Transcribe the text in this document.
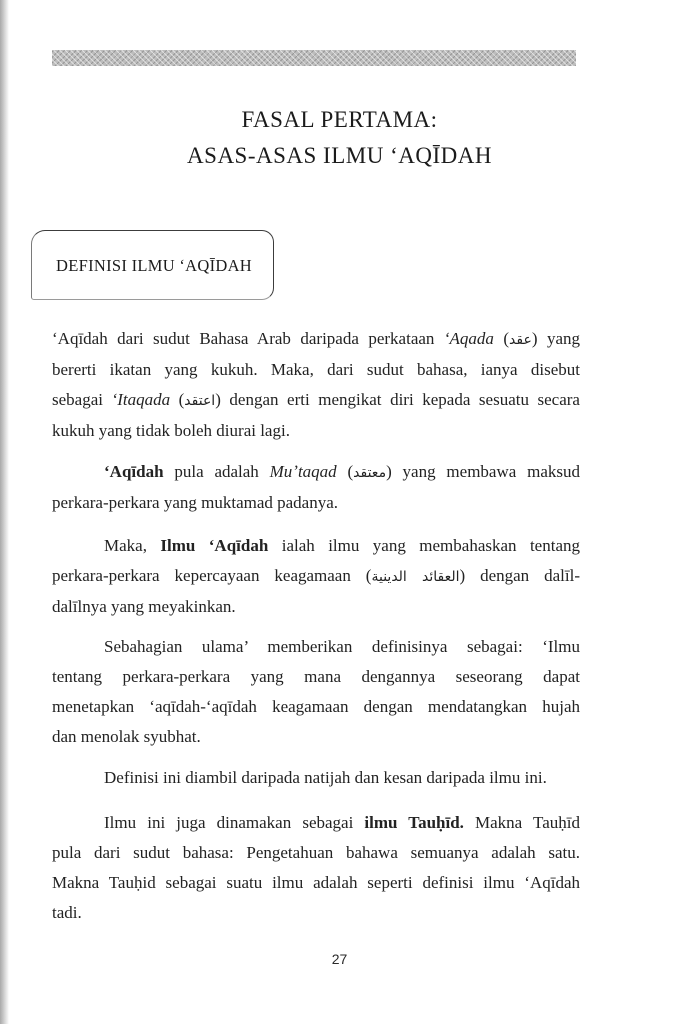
FASAL PERTAMA:
ASAS-ASAS ILMU ʻAQĪDAH
DEFINISI ILMU ʻAQĪDAH
ʻAqīdah dari sudut Bahasa Arab daripada perkataan ʻAqada (عقد) yang
bererti ikatan yang kukuh. Maka, dari sudut bahasa, ianya disebut
sebagai ʻItaqada (اعتقد) dengan erti mengikat diri kepada sesuatu secara
kukuh yang tidak boleh diurai lagi.
ʻAqīdah pula adalah Muʼtaqad (معتقد) yang membawa maksud
perkara-perkara yang muktamad padanya.
Maka, Ilmu ʻAqīdah ialah ilmu yang membahaskan tentang
perkara-perkara kepercayaan keagamaan (العقائد الدينية) dengan dalīl-
dalīlnya yang meyakinkan.
Sebahagian ulama’ memberikan definisinya sebagai: ‘Ilmu
tentang perkara-perkara yang mana dengannya seseorang dapat
menetapkan ʻaqīdah-ʻaqīdah keagamaan dengan mendatangkan hujah
dan menolak syubhat.
Definisi ini diambil daripada natijah dan kesan daripada ilmu ini.
Ilmu ini juga dinamakan sebagai ilmu Tauḥīd. Makna Tauḥīd
pula dari sudut bahasa: Pengetahuan bahawa semuanya adalah satu.
Makna Tauḥid sebagai suatu ilmu adalah seperti definisi ilmu ʻAqīdah
tadi.
27
